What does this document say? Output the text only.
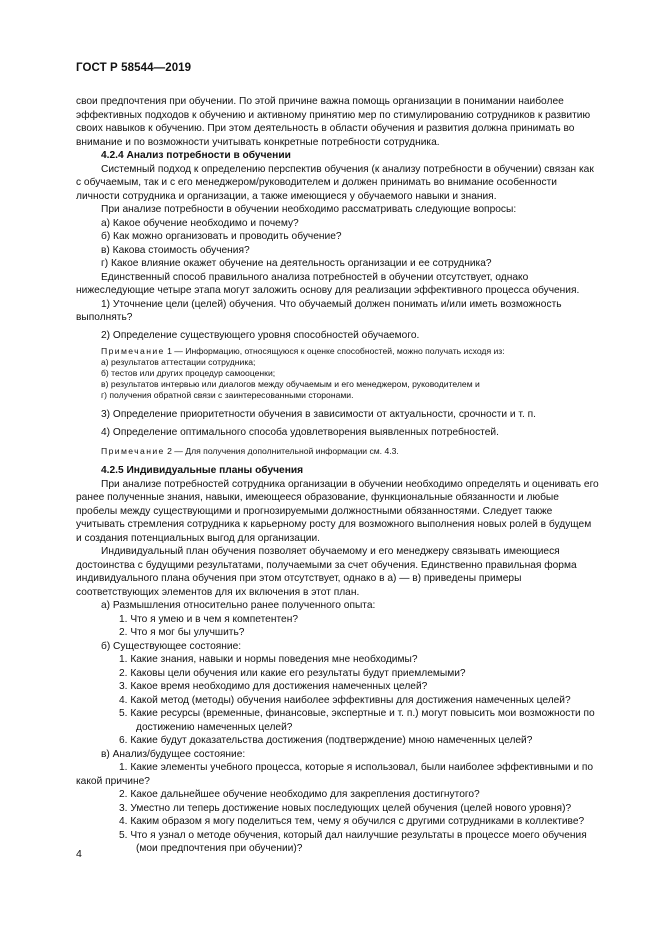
ГОСТ Р 58544—2019

свои предпочтения при обучении. По этой причине важна помощь организации в понимании наиболее эффективных подходов к обучению и активному принятию мер по стимулированию сотрудников к развитию своих навыков к обучению. При этом деятельность в области обучения и развития должна принимать во внимание и по возможности учитывать конкретные потребности сотрудника.

4.2.4 Анализ потребности в обучении

Системный подход к определению перспектив обучения (к анализу потребности в обучении) связан как с обучаемым, так и с его менеджером/руководителем и должен принимать во внимание особенности личности сотрудника и организации, а также имеющиеся у обучаемого навыки и знания.

При анализе потребности в обучении необходимо рассматривать следующие вопросы:

а) Какое обучение необходимо и почему?

б) Как можно организовать и проводить обучение?

в) Какова стоимость обучения?

г) Какое влияние окажет обучение на деятельность организации и ее сотрудника?

Единственный способ правильного анализа потребностей в обучении отсутствует, однако нижеследующие четыре этапа могут заложить основу для реализации эффективного процесса обучения.

1) Уточнение цели (целей) обучения. Что обучаемый должен понимать и/или иметь возможность выполнять?

2) Определение существующего уровня способностей обучаемого.

Примечание 1 — Информацию, относящуюся к оценке способностей, можно получать исходя из:

а) результатов аттестации сотрудника;

б) тестов или других процедур самооценки;

в) результатов интервью или диалогов между обучаемым и его менеджером, руководителем и

г) получения обратной связи с заинтересованными сторонами.

3) Определение приоритетности обучения в зависимости от актуальности, срочности и т. п.

4) Определение оптимального способа удовлетворения выявленных потребностей.

Примечание 2 — Для получения дополнительной информации см. 4.3.

4.2.5 Индивидуальные планы обучения

При анализе потребностей сотрудника организации в обучении необходимо определять и оценивать его ранее полученные знания, навыки, имеющееся образование, функциональные обязанности и любые пробелы между существующими и прогнозируемыми должностными обязанностями. Следует также учитывать стремления сотрудника к карьерному росту для возможного выполнения новых ролей в будущем и создания потенциальных выгод для организации.

Индивидуальный план обучения позволяет обучаемому и его менеджеру связывать имеющиеся достоинства с будущими результатами, получаемыми за счет обучения. Единственно правильная форма индивидуального плана обучения при этом отсутствует, однако в а) — в) приведены примеры соответствующих элементов для их включения в этот план.

а) Размышления относительно ранее полученного опыта:

1. Что я умею и в чем я компетентен?

2. Что я мог бы улучшить?

б) Существующее состояние:

1. Какие знания, навыки и нормы поведения мне необходимы?

2. Каковы цели обучения или какие его результаты будут приемлемыми?

3. Какое время необходимо для достижения намеченных целей?

4. Какой метод (методы) обучения наиболее эффективны для достижения намеченных целей?

5. Какие ресурсы (временные, финансовые, экспертные и т. п.) могут повысить мои возможности по достижению намеченных целей?

6. Какие будут доказательства достижения (подтверждение) мною намеченных целей?

в) Анализ/будущее состояние:

1. Какие элементы учебного процесса, которые я использовал, были наиболее эффективными и по какой причине?

2. Какое дальнейшее обучение необходимо для закрепления достигнутого?

3. Уместно ли теперь достижение новых последующих целей обучения (целей нового уровня)?

4. Каким образом я могу поделиться тем, чему я обучился с другими сотрудниками в коллективе?

5. Что я узнал о методе обучения, который дал наилучшие результаты в процессе моего обучения (мои предпочтения при обучении)?

4
